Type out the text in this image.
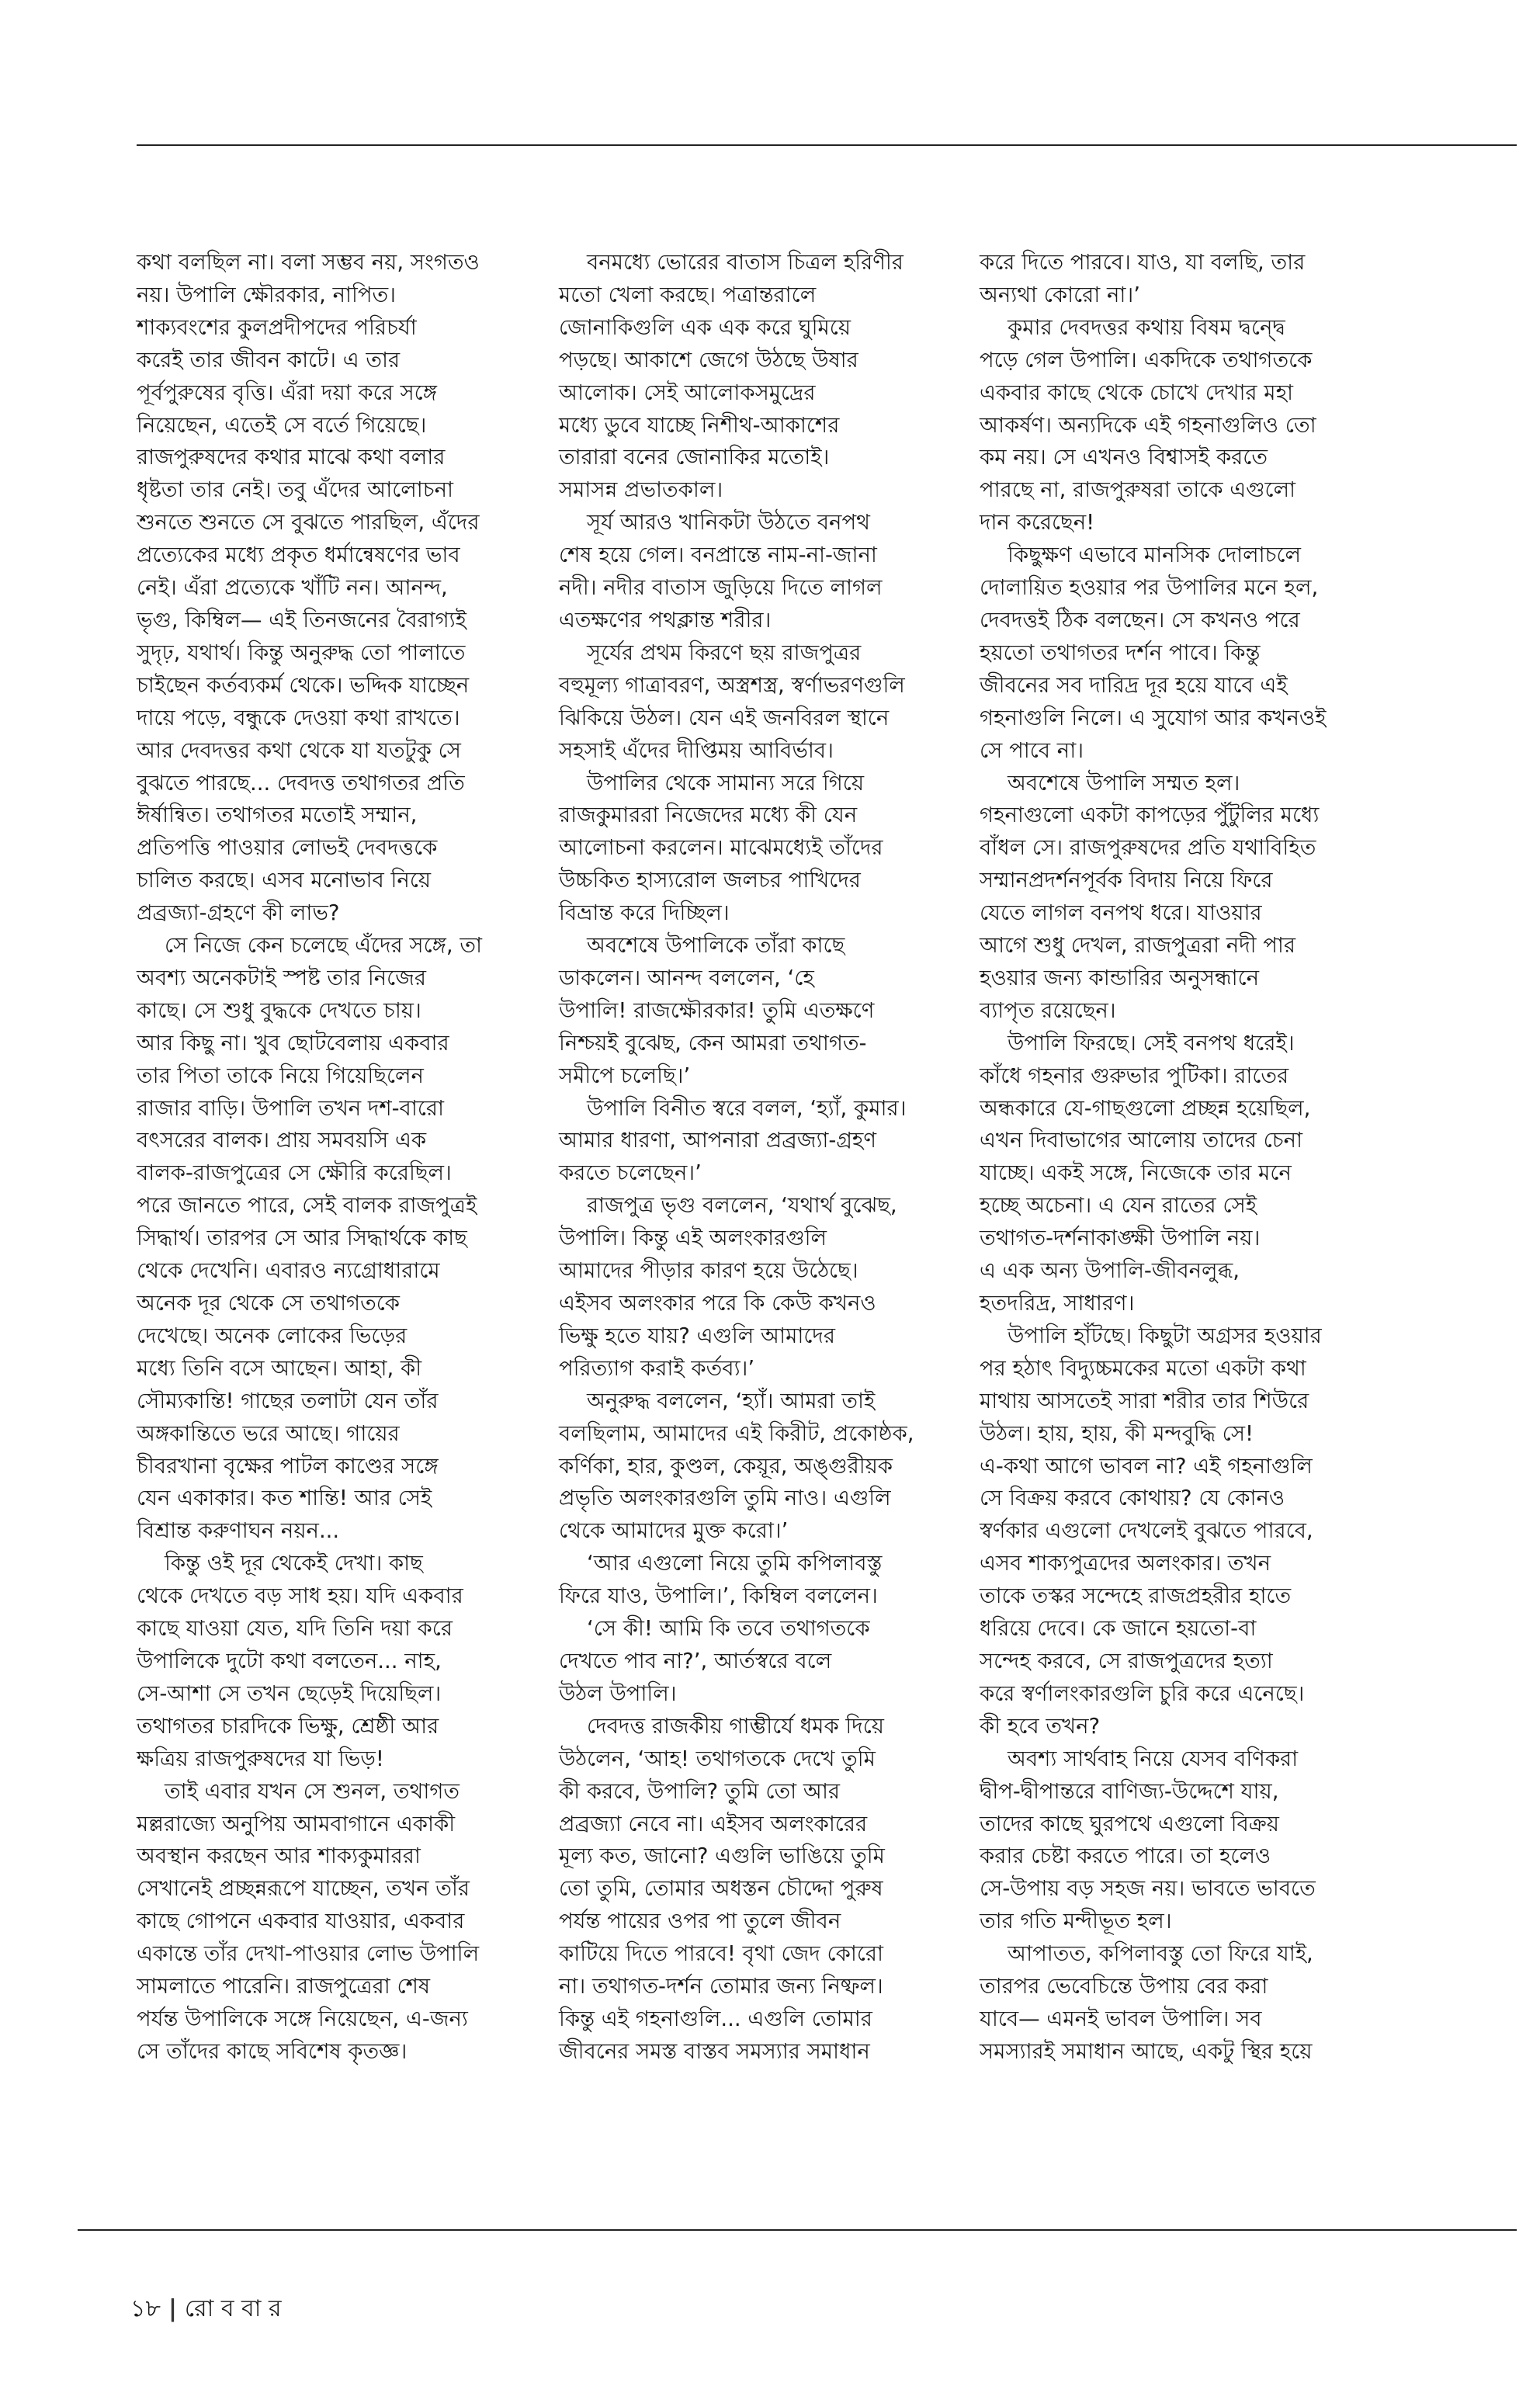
কথা বলছিল না। বলা সম্ভব নয়, সংগতও
নয়। উপালি ক্ষৌরকার, নাপিত।
শাক্যবংশের কুলপ্রদীপদের পরিচর্যা
করেই তার জীবন কাটে। এ তার
পূর্বপুরুষের বৃত্তি। এঁরা দয়া করে সঙ্গে
নিয়েছেন, এতেই সে বর্তে গিয়েছে।
রাজপুরুষদের কথার মাঝে কথা বলার
ধৃষ্টতা তার নেই। তবু এঁদের আলোচনা
শুনতে শুনতে সে বুঝতে পারছিল, এঁদের
প্রত্যেকের মধ্যে প্রকৃত ধর্মান্বেষণের ভাব
নেই। এঁরা প্রত্যেকে খাঁটি নন। আনন্দ,
ভৃগু, কিম্বিল— এই তিনজনের বৈরাগ্যই
সুদৃঢ়, যথার্থ। কিন্তু অনুরুদ্ধ তো পালাতে
চাইছেন কর্তব্যকর্ম থেকে। ভদ্দিক যাচ্ছেন
দায়ে পড়ে, বন্ধুকে দেওয়া কথা রাখতে।
আর দেবদত্তর কথা থেকে যা যতটুকু সে
বুঝতে পারছে... দেবদত্ত তথাগতর প্রতি
ঈর্ষান্বিত। তথাগতর মতোই সম্মান,
প্রতিপত্তি পাওয়ার লোভই দেবদত্তকে
চালিত করছে। এসব মনোভাব নিয়ে
প্রব্রজ্যা-গ্রহণে কী লাভ?

সে নিজে কেন চলেছে এঁদের সঙ্গে, তা
অবশ্য অনেকটাই স্পষ্ট তার নিজের
কাছে। সে শুধু বুদ্ধকে দেখতে চায়।
আর কিছু না। খুব ছোটবেলায় একবার
তার পিতা তাকে নিয়ে গিয়েছিলেন
রাজার বাড়ি। উপালি তখন দশ-বারো
বৎসরের বালক। প্রায় সমবয়সি এক
বালক-রাজপুত্রের সে ক্ষৌরি করেছিল।
পরে জানতে পারে, সেই বালক রাজপুত্রই
সিদ্ধার্থ। তারপর সে আর সিদ্ধার্থকে কাছ
থেকে দেখেনি। এবারও ন্যগ্রোধারামে
অনেক দূর থেকে সে তথাগতকে
দেখেছে। অনেক লোকের ভিড়ের
মধ্যে তিনি বসে আছেন। আহা, কী
সৌম্যকান্তি! গাছের তলাটা যেন তাঁর
অঙ্গকান্তিতে ভরে আছে। গায়ের
চীবরখানা বৃক্ষের পাটল কাণ্ডের সঙ্গে
যেন একাকার। কত শান্তি! আর সেই
বিশ্রান্ত করুণাঘন নয়ন...

কিন্তু ওই দূর থেকেই দেখা। কাছ
থেকে দেখতে বড় সাধ হয়। যদি একবার
কাছে যাওয়া যেত, যদি তিনি দয়া করে
উপালিকে দুটো কথা বলতেন... নাহ,
সে-আশা সে তখন ছেড়েই দিয়েছিল।
তথাগতর চারদিকে ভিক্ষু, শ্রেষ্ঠী আর
ক্ষত্রিয় রাজপুরুষদের যা ভিড়!

তাই এবার যখন সে শুনল, তথাগত
মল্লরাজ্যে অনুপিয় আমবাগানে একাকী
অবস্থান করছেন আর শাক্যকুমাররা
সেখানেই প্রচ্ছন্নরূপে যাচ্ছেন, তখন তাঁর
কাছে গোপনে একবার যাওয়ার, একবার
একান্তে তাঁর দেখা-পাওয়ার লোভ উপালি
সামলাতে পারেনি। রাজপুত্রেরা শেষ
পর্যন্ত উপালিকে সঙ্গে নিয়েছেন, এ-জন্য
সে তাঁদের কাছে সবিশেষ কৃতজ্ঞ।

বনমধ্যে ভোরের বাতাস চিত্রল হরিণীর
মতো খেলা করছে। পত্রান্তরালে
জোনাকিগুলি এক এক করে ঘুমিয়ে
পড়ছে। আকাশে জেগে উঠছে উষার
আলোক। সেই আলোকসমুদ্রের
মধ্যে ডুবে যাচ্ছে নিশীথ-আকাশের
তারারা বনের জোনাকির মতোই।
সমাসন্ন প্রভাতকাল।

সূর্য আরও খানিকটা উঠতে বনপথ
শেষ হয়ে গেল। বনপ্রান্তে নাম-না-জানা
নদী। নদীর বাতাস জুড়িয়ে দিতে লাগল
এতক্ষণের পথক্লান্ত শরীর।

সূর্যের প্রথম কিরণে ছয় রাজপুত্রর
বহুমূল্য গাত্রাবরণ, অস্ত্রশস্ত্র, স্বর্ণাভরণগুলি
ঝিকিয়ে উঠল। যেন এই জনবিরল স্থানে
সহসাই এঁদের দীপ্তিময় আবির্ভাব।

উপালির থেকে সামান্য সরে গিয়ে
রাজকুমাররা নিজেদের মধ্যে কী যেন
আলোচনা করলেন। মাঝেমধ্যেই তাঁদের
উচ্চকিত হাস্যরোল জলচর পাখিদের
বিভ্রান্ত করে দিচ্ছিল।

অবশেষে উপালিকে তাঁরা কাছে
ডাকলেন। আনন্দ বললেন, ‘হে
উপালি! রাজক্ষৌরকার! তুমি এতক্ষণে
নিশ্চয়ই বুঝেছ, কেন আমরা তথাগত-
সমীপে চলেছি।’

উপালি বিনীত স্বরে বলল, ‘হ্যাঁ, কুমার।
আমার ধারণা, আপনারা প্রব্রজ্যা-গ্রহণ
করতে চলেছেন।’

রাজপুত্র ভৃগু বললেন, ‘যথার্থ বুঝেছ,
উপালি। কিন্তু এই অলংকারগুলি
আমাদের পীড়ার কারণ হয়ে উঠেছে।
এইসব অলংকার পরে কি কেউ কখনও
ভিক্ষু হতে যায়? এগুলি আমাদের
পরিত্যাগ করাই কর্তব্য।’

অনুরুদ্ধ বললেন, ‘হ্যাঁ। আমরা তাই
বলছিলাম, আমাদের এই কিরীট, প্রকোষ্ঠক,
কর্ণিকা, হার, কুণ্ডল, কেয়ূর, অঙ্গুরীয়ক
প্রভৃতি অলংকারগুলি তুমি নাও। এগুলি
থেকে আমাদের মুক্ত করো।’

‘আর এগুলো নিয়ে তুমি কপিলাবস্তু
ফিরে যাও, উপালি।’, কিম্বিল বললেন।

‘সে কী! আমি কি তবে তথাগতকে
দেখতে পাব না?’, আর্তস্বরে বলে
উঠল উপালি।

দেবদত্ত রাজকীয় গাম্ভীর্যে ধমক দিয়ে
উঠলেন, ‘আহ! তথাগতকে দেখে তুমি
কী করবে, উপালি? তুমি তো আর
প্রব্রজ্যা নেবে না। এইসব অলংকারের
মূল্য কত, জানো? এগুলি ভাঙিয়ে তুমি
তো তুমি, তোমার অধস্তন চৌদ্দো পুরুষ
পর্যন্ত পায়ের ওপর পা তুলে জীবন
কাটিয়ে দিতে পারবে! বৃথা জেদ কোরো
না। তথাগত-দর্শন তোমার জন্য নিষ্ফল।
কিন্তু এই গহনাগুলি... এগুলি তোমার
জীবনের সমস্ত বাস্তব সমস্যার সমাধান

করে দিতে পারবে। যাও, যা বলছি, তার
অন্যথা কোরো না।’

কুমার দেবদত্তর কথায় বিষম দ্বন্দ্বে
পড়ে গেল উপালি। একদিকে তথাগতকে
একবার কাছে থেকে চোখে দেখার মহা
আকর্ষণ। অন্যদিকে এই গহনাগুলিও তো
কম নয়। সে এখনও বিশ্বাসই করতে
পারছে না, রাজপুরুষরা তাকে এগুলো
দান করেছেন!

কিছুক্ষণ এভাবে মানসিক দোলাচলে
দোলায়িত হওয়ার পর উপালির মনে হল,
দেবদত্তই ঠিক বলছেন। সে কখনও পরে
হয়তো তথাগতর দর্শন পাবে। কিন্তু
জীবনের সব দারিদ্র দূর হয়ে যাবে এই
গহনাগুলি নিলে। এ সুযোগ আর কখনওই
সে পাবে না।

অবশেষে উপালি সম্মত হল।
গহনাগুলো একটা কাপড়ের পুঁটুলির মধ্যে
বাঁধল সে। রাজপুরুষদের প্রতি যথাবিহিত
সম্মানপ্রদর্শনপূর্বক বিদায় নিয়ে ফিরে
যেতে লাগল বনপথ ধরে। যাওয়ার
আগে শুধু দেখল, রাজপুত্ররা নদী পার
হওয়ার জন্য কান্ডারির অনুসন্ধানে
ব্যাপৃত রয়েছেন।

উপালি ফিরছে। সেই বনপথ ধরেই।
কাঁধে গহনার গুরুভার পুটিকা। রাতের
অন্ধকারে যে-গাছগুলো প্রচ্ছন্ন হয়েছিল,
এখন দিবাভাগের আলোয় তাদের চেনা
যাচ্ছে। একই সঙ্গে, নিজেকে তার মনে
হচ্ছে অচেনা। এ যেন রাতের সেই
তথাগত-দর্শনাকাঙ্ক্ষী উপালি নয়।
এ এক অন্য উপালি-জীবনলুব্ধ,
হতদরিদ্র, সাধারণ।

উপালি হাঁটছে। কিছুটা অগ্রসর হওয়ার
পর হঠাৎ বিদ্যুচ্চমকের মতো একটা কথা
মাথায় আসতেই সারা শরীর তার শিউরে
উঠল। হায়, হায়, কী মন্দবুদ্ধি সে!
এ-কথা আগে ভাবল না? এই গহনাগুলি
সে বিক্রয় করবে কোথায়? যে কোনও
স্বর্ণকার এগুলো দেখলেই বুঝতে পারবে,
এসব শাক্যপুত্রদের অলংকার। তখন
তাকে তস্কর সন্দেহে রাজপ্রহরীর হাতে
ধরিয়ে দেবে। কে জানে হয়তো-বা
সন্দেহ করবে, সে রাজপুত্রদের হত্যা
করে স্বর্ণালংকারগুলি চুরি করে এনেছে।
কী হবে তখন?

অবশ্য সার্থবাহ নিয়ে যেসব বণিকরা
দ্বীপ-দ্বীপান্তরে বাণিজ্য-উদ্দেশে যায়,
তাদের কাছে ঘুরপথে এগুলো বিক্রয়
করার চেষ্টা করতে পারে। তা হলেও
সে-উপায় বড় সহজ নয়। ভাবতে ভাবতে
তার গতি মন্দীভূত হল।

আপাতত, কপিলাবস্তু তো ফিরে যাই,
তারপর ভেবেচিন্তে উপায় বের করা
যাবে— এমনই ভাবল উপালি। সব
সমস্যারই সমাধান আছে, একটু স্থির হয়ে

১৮ | রো ব বা র
